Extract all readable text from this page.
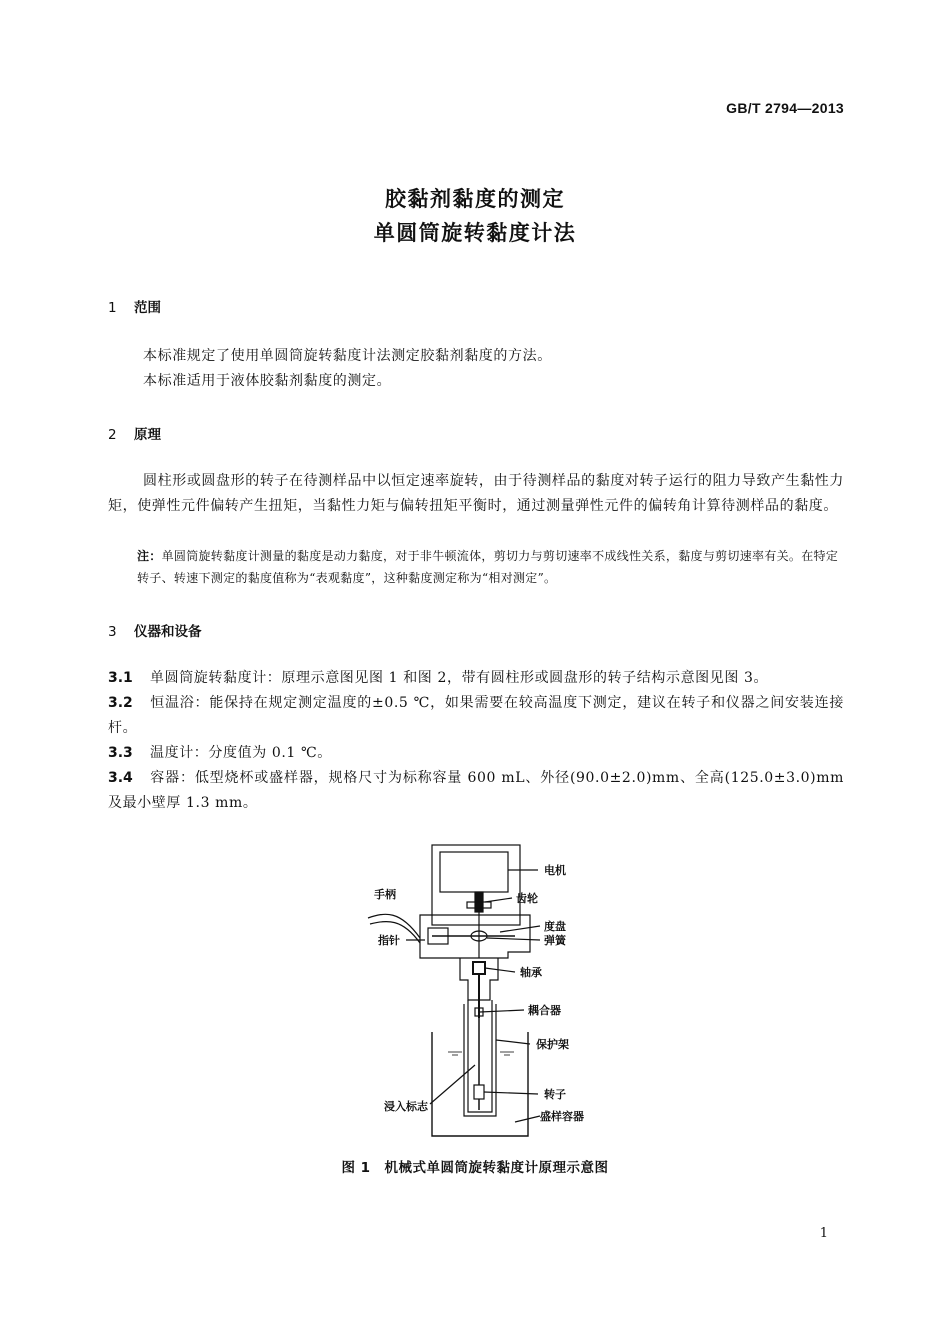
GB/T 2794—2013
胶黏剂黏度的测定
单圆筒旋转黏度计法
1 范围
本标准规定了使用单圆筒旋转黏度计法测定胶黏剂黏度的方法。
本标准适用于液体胶黏剂黏度的测定。
2 原理
圆柱形或圆盘形的转子在待测样品中以恒定速率旋转，由于待测样品的黏度对转子运行的阻力导致产生黏性力矩，使弹性元件偏转产生扭矩，当黏性力矩与偏转扭矩平衡时，通过测量弹性元件的偏转角计算待测样品的黏度。
注：单圆筒旋转黏度计测量的黏度是动力黏度，对于非牛顿流体，剪切力与剪切速率不成线性关系，黏度与剪切速率有关。在特定转子、转速下测定的黏度值称为“表观黏度”，这种黏度测定称为“相对测定”。
3 仪器和设备
3.1 单圆筒旋转黏度计：原理示意图见图 1 和图 2，带有圆柱形或圆盘形的转子结构示意图见图 3。
3.2 恒温浴：能保持在规定测定温度的±0.5 ℃，如果需要在较高温度下测定，建议在转子和仪器之间安装连接杆。
3.3 温度计：分度值为 0.1 ℃。
3.4 容器：低型烧杯或盛样器，规格尺寸为标称容量 600 mL、外径(90.0±2.0)mm、全高(125.0±3.0)mm 及最小壁厚 1.3 mm。
电机
手柄	齿轮
度盘
弹簧
指针
轴承
耦合器
保护架
转子
浸入标志
盛样容器
图 1　机械式单圆筒旋转黏度计原理示意图
1
